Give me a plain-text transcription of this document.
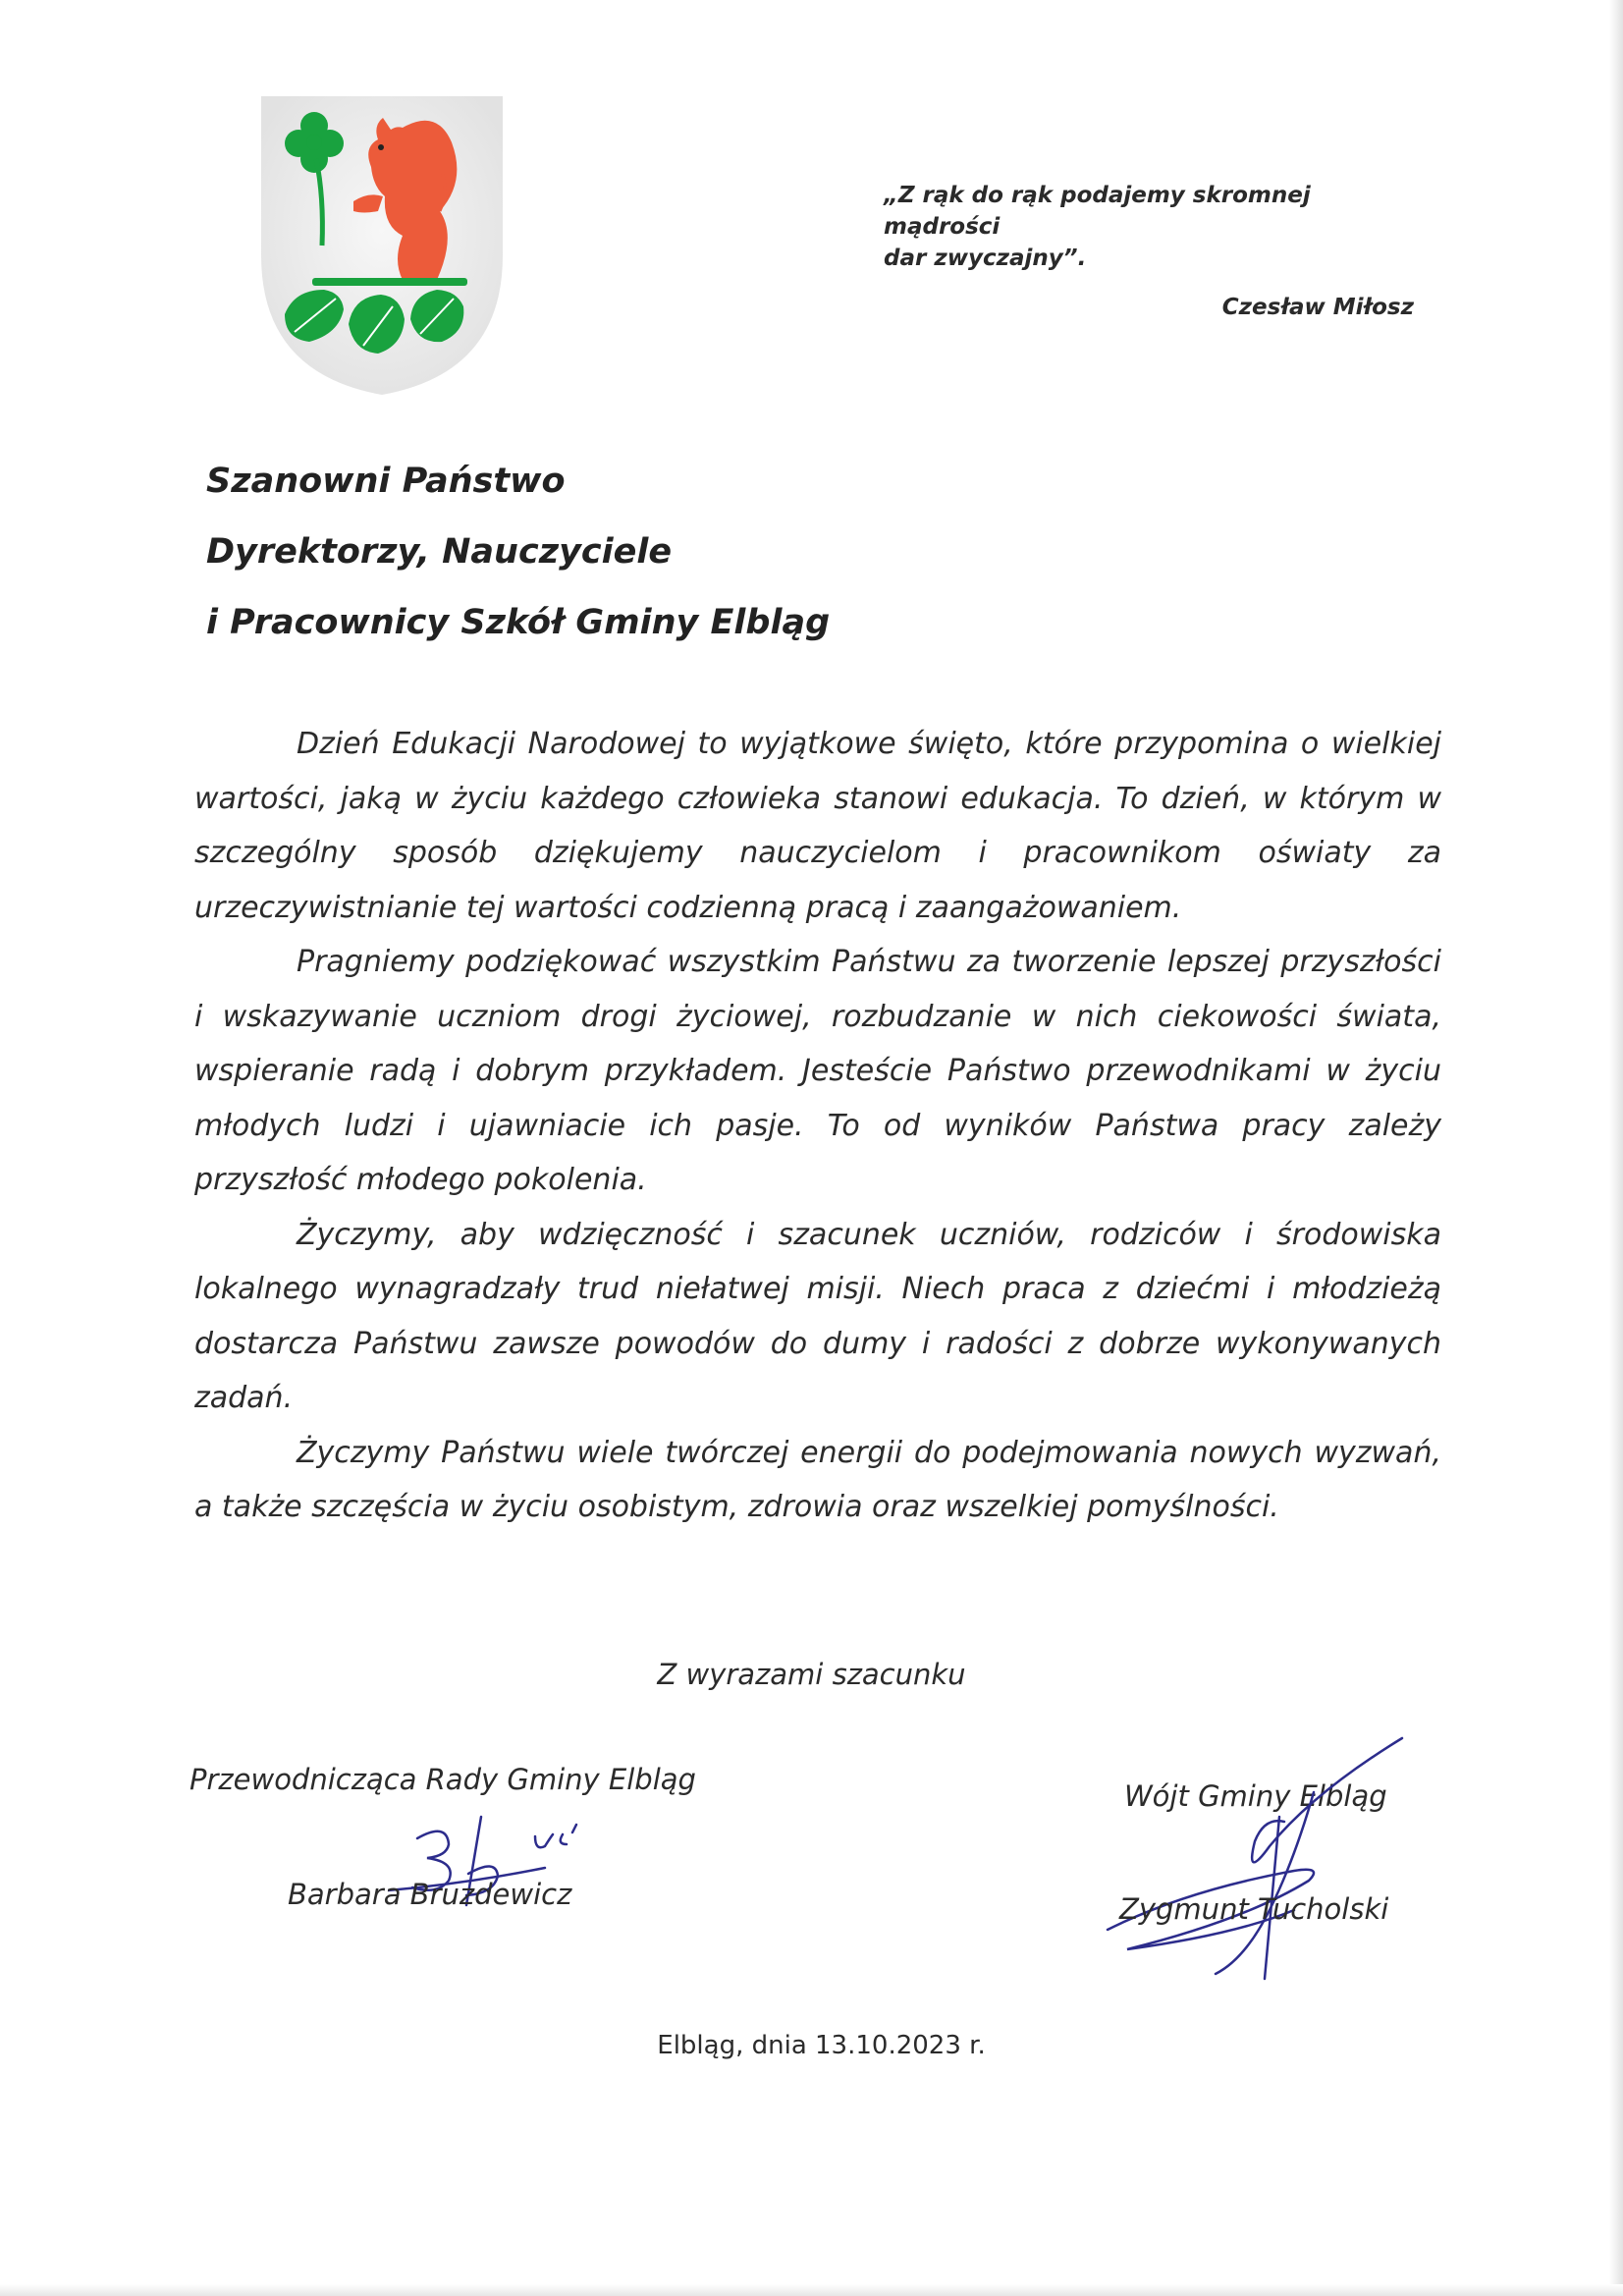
„Z rąk do rąk podajemy skromnej mądrości
dar zwyczajny”.
Czesław Miłosz
Szanowni Państwo
Dyrektorzy, Nauczyciele
i Pracownicy Szkół Gminy Elbląg

Dzień Edukacji Narodowej to wyjątkowe święto, które przypomina o wielkiej wartości, jaką w życiu każdego człowieka stanowi edukacja. To dzień, w którym w szczególny sposób dziękujemy nauczycielom i pracownikom oświaty za urzeczywistnianie tej wartości codzienną pracą i zaangażowaniem.

Pragniemy podziękować wszystkim Państwu za tworzenie lepszej przyszłości i wskazywanie uczniom drogi życiowej, rozbudzanie w nich ciekowości świata, wspieranie radą i dobrym przykładem. Jesteście Państwo przewodnikami w życiu młodych ludzi i ujawniacie ich pasje. To od wyników Państwa pracy zależy przyszłość młodego pokolenia.

Życzymy, aby wdzięczność i szacunek uczniów, rodziców i środowiska lokalnego wynagradzały trud niełatwej misji. Niech praca z dziećmi i młodzieżą dostarcza Państwu zawsze powodów do dumy i radości z dobrze wykonywanych zadań.

Życzymy Państwu wiele twórczej energii do podejmowania nowych wyzwań, a także szczęścia w życiu osobistym, zdrowia oraz wszelkiej pomyślności.

Z wyrazami szacunku
Przewodnicząca Rady Gminy Elbląg
Barbara Bruzdewicz
Wójt Gminy Elbląg
Zygmunt Tucholski
Elbląg, dnia 13.10.2023 r.
